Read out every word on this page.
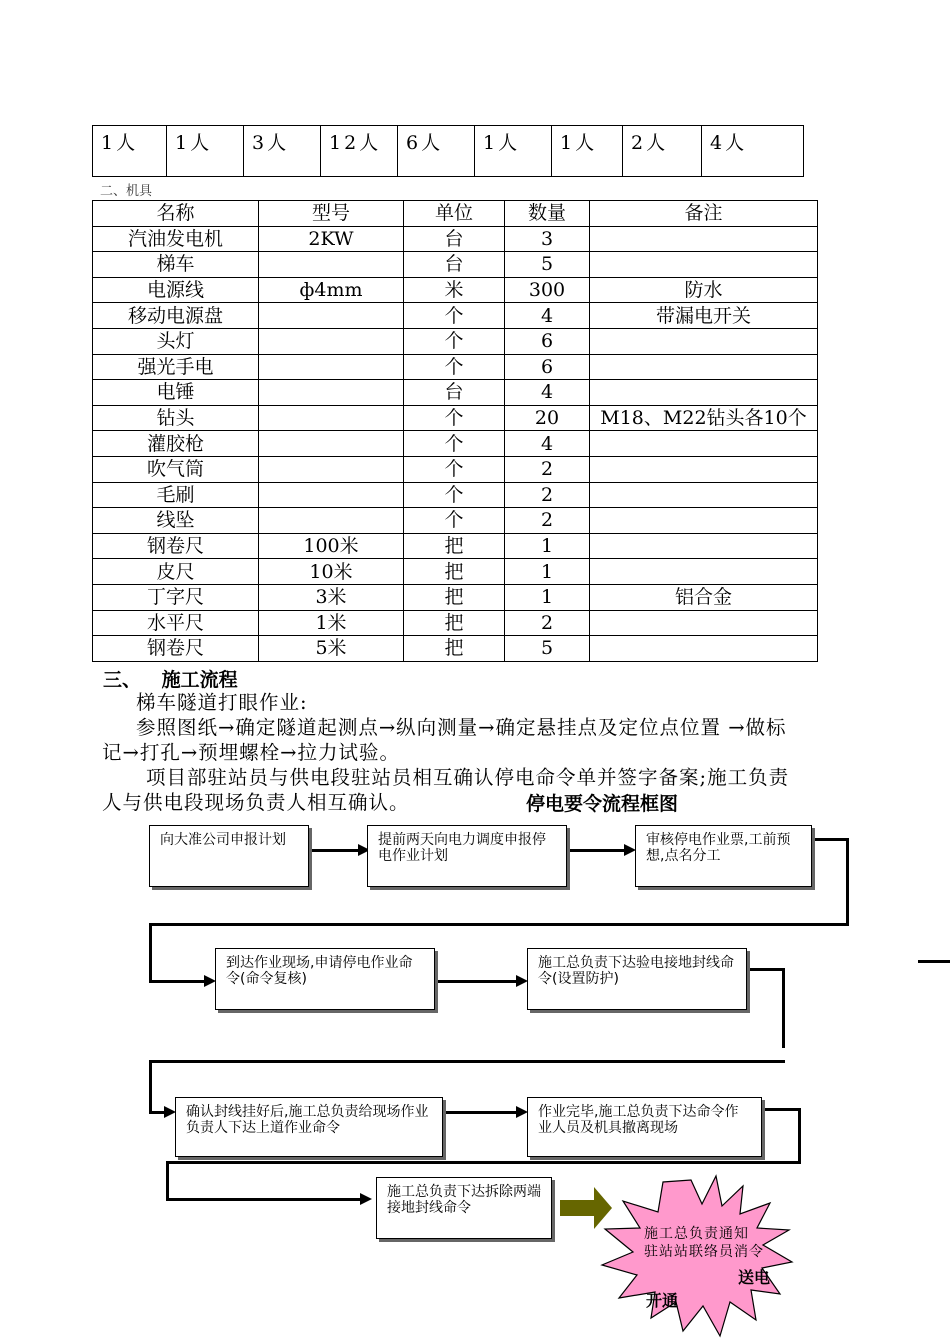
1人	1人	3人	12人	6人	1人	1人	2人	4人
二、机具
名称	型号	单位	数量	备注
汽油发电机	2KW	台	3	
梯车		台	5	
电源线	ф4mm	米	300	防水
移动电源盘		个	4	带漏电开关
头灯		个	6	
强光手电		个	6	
电锤		台	4	
钻头		个	20	M18、M22钻头各10个
灌胶枪		个	4	
吹气筒		个	2	
毛刷		个	2	
线坠		个	2	
钢卷尺	100米	把	1	
皮尺	10米	把	1	
丁字尺	3米	把	1	铝合金
水平尺	1米	把	2	
钢卷尺	5米	把	5	
三、 施工流程
梯车隧道打眼作业:
参照图纸→确定隧道起测点→纵向测量→确定悬挂点及定位点位置 →做标
记→打孔→预埋螺栓→拉力试验。
项目部驻站员与供电段驻站员相互确认停电命令单并签字备案;施工负责
人与供电段现场负责人相互确认。	停电要令流程框图
向大准公司申报计划	提前两天向电力调度申报停电作业计划
审核停电作业票,工前预想,点名分工
到达作业现场,申请停电作业命令(命令复核)
施工总负责下达验电接地封线命令(设置防护)
确认封线挂好后,施工总负责给现场作业负责人下达上道作业命令
作业完毕,施工总负责下达命令作业人员及机具撤离现场
施工总负责下达拆除两端接地封线命令
施工总负责通知
驻站站联络员消令
送电
开通
